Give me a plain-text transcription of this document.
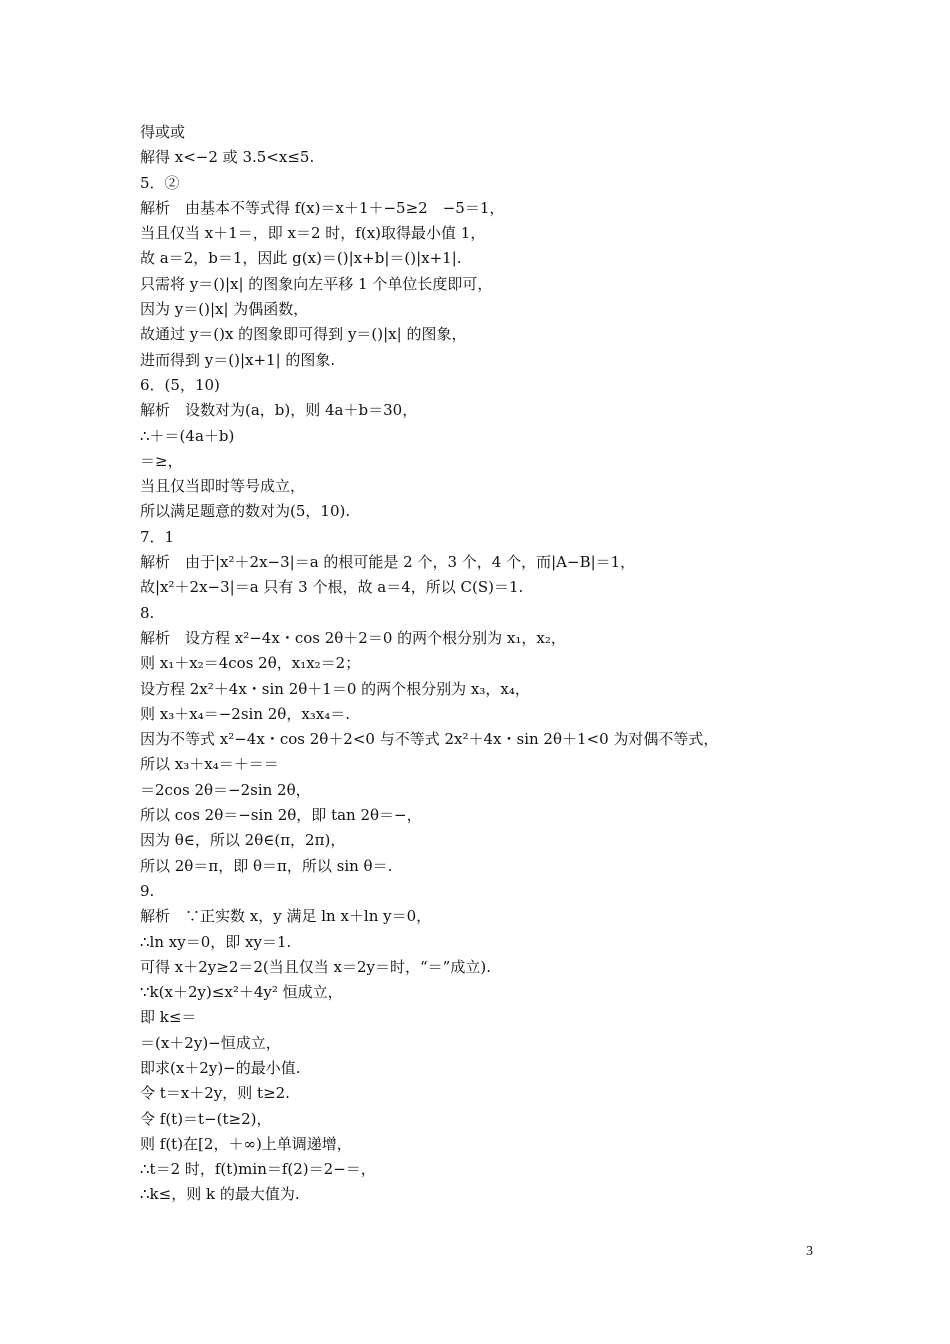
得或或
解得 x<−2 或 3.5<x≤5.
5．②
解析　由基本不等式得 f(x)＝x＋1＋−5≥2　−5＝1，
当且仅当 x＋1＝，即 x＝2 时，f(x)取得最小值 1，
故 a＝2，b＝1，因此 g(x)＝()|x+b|＝()|x+1|.
只需将 y＝()|x| 的图象向左平移 1 个单位长度即可，
因为 y＝()|x| 为偶函数，
故通过 y＝()x 的图象即可得到 y＝()|x| 的图象，
进而得到 y＝()|x+1| 的图象.
6．(5，10)
解析　设数对为(a，b)，则 4a＋b＝30，
∴＋＝(4a＋b)
＝≥，
当且仅当即时等号成立，
所以满足题意的数对为(5，10).
7．1
解析　由于|x²＋2x−3|＝a 的根可能是 2 个，3 个，4 个，而|A−B|＝1，
故|x²＋2x−3|＝a 只有 3 个根，故 a＝4，所以 C(S)＝1.
8.
解析　设方程 x²−4x・cos 2θ＋2＝0 的两个根分别为 x₁，x₂，
则 x₁＋x₂＝4cos 2θ，x₁x₂＝2；
设方程 2x²＋4x・sin 2θ＋1＝0 的两个根分别为 x₃，x₄，
则 x₃＋x₄＝−2sin 2θ，x₃x₄＝.
因为不等式 x²−4x・cos 2θ＋2<0 与不等式 2x²＋4x・sin 2θ＋1<0 为对偶不等式，
所以 x₃＋x₄＝＋＝＝
＝2cos 2θ＝−2sin 2θ，
所以 cos 2θ＝−sin 2θ，即 tan 2θ＝−，
因为 θ∈，所以 2θ∈(π，2π)，
所以 2θ＝π，即 θ＝π，所以 sin θ＝.
9.
解析　∵正实数 x，y 满足 ln x＋ln y＝0，
∴ln xy＝0，即 xy＝1.
可得 x＋2y≥2＝2(当且仅当 x＝2y＝时，“＝”成立).
∵k(x＋2y)≤x²＋4y² 恒成立，
即 k≤＝
＝(x＋2y)−恒成立，
即求(x＋2y)−的最小值.
令 t＝x＋2y，则 t≥2.
令 f(t)＝t−(t≥2)，
则 f(t)在[2，＋∞)上单调递增，
∴t＝2 时，f(t)min＝f(2)＝2−＝，
∴k≤，则 k 的最大值为.
3
